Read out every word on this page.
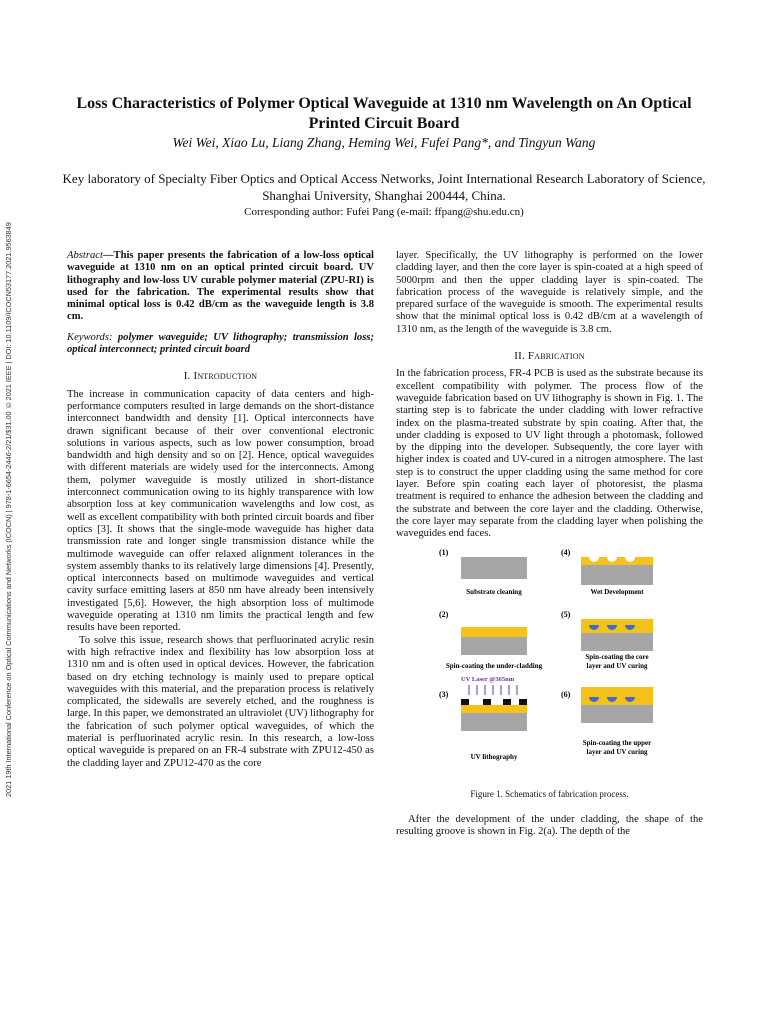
2021 19th International Conference on Optical Communications and Networks (ICOCN) | 978-1-6654-2446-2/21/$31.00 ©2021 IEEE | DOI: 10.1109/ICOCN53177.2021.9563849
Loss Characteristics of Polymer Optical Waveguide at 1310 nm Wavelength on An Optical Printed Circuit Board
Wei Wei, Xiao Lu, Liang Zhang, Heming Wei, Fufei Pang*, and Tingyun Wang
Key laboratory of Specialty Fiber Optics and Optical Access Networks, Joint International Research Laboratory of Science, Shanghai University, Shanghai 200444, China.
Corresponding author: Fufei Pang (e-mail: ffpang@shu.edu.cn)

Abstract—This paper presents the fabrication of a low-loss optical waveguide at 1310 nm on an optical printed circuit board. UV lithography and low-loss UV curable polymer material (ZPU-RI) is used for the fabrication. The experimental results show that minimal optical loss is 0.42 dB/cm as the waveguide length is 3.8 cm.

Keywords: polymer waveguide; UV lithography; transmission loss; optical interconnect; printed circuit board

I. Introduction

The increase in communication capacity of data centers and high-performance computers resulted in large demands on the short-distance interconnect bandwidth and density [1]. Optical interconnects have drawn significant because of their over conventional electronic solutions in various aspects, such as low power consumption, broad bandwidth and high density and so on [2]. Hence, optical waveguides with different materials are widely used for the interconnects. Among them, polymer waveguide is mostly utilized in short-distance interconnect communication owing to its highly transparence with low absorption loss at key communication wavelengths and low cost, as well as excellent compatibility with both printed circuit boards and fiber optics [3]. It shows that the single-mode waveguide has higher data transmission rate and longer single transmission distance while the multimode waveguide can offer relaxed alignment tolerances in the system assembly thanks to its relatively large dimensions [4]. Presently, optical interconnects based on multimode waveguides and vertical cavity surface emitting lasers at 850 nm have already been intensively investigated [5,6]. However, the high absorption loss of multimode waveguide operating at 1310 nm limits the practical length and few results have been reported.

To solve this issue, research shows that perfluorinated acrylic resin with high refractive index and flexibility has low absorption loss at 1310 nm and is often used in optical devices. However, the fabrication based on dry etching technology is mainly used to prepare optical waveguides with this material, and the preparation process is relatively complicated, the sidewalls are severely etched, and the roughness is large. In this paper, we demonstrated an ultraviolet (UV) lithography for the fabrication of such polymer optical waveguides, of which the material is perfluorinated acrylic resin. In this research, a low-loss optical waveguide is prepared on an FR-4 substrate with ZPU12-450 as the cladding layer and ZPU12-470 as the core

layer. Specifically, the UV lithography is performed on the lower cladding layer, and then the core layer is spin-coated at a high speed of 5000rpm and then the upper cladding layer is spin-coated. The fabrication process of the waveguide is relatively simple, and the prepared surface of the waveguide is smooth. The experimental results show that the minimal optical loss is 0.42 dB/cm at a wavelength of 1310 nm, as the length of the waveguide is 3.8 cm.

II. Fabrication

In the fabrication process, FR-4 PCB is used as the substrate because its excellent compatibility with polymer. The process flow of the waveguide fabrication based on UV lithography is shown in Fig. 1. The starting step is to fabricate the under cladding with lower refractive index on the plasma-treated substrate by spin coating. After that, the under cladding is exposed to UV light through a photomask, followed by the dipping into the developer. Subsequently, the core layer with higher index is coated and UV-cured in a nitrogen atmosphere. The last step is to construct the upper cladding using the same method for core layer. Before spin coating each layer of photoresist, the plasma treatment is required to enhance the adhesion between the cladding and the substrate and between the core layer and the cladding. Otherwise, the core layer may separate from the cladding layer when polishing the waveguides end faces.

(1)
Substrate cleaning
(4)
Wet Development
(2)
Spin-coating the under-cladding
(5)
Spin-coating the core
layer and UV curing
(3)
UV Laser @365nm
UV lithography
(6)
Spin-coating the upper
layer and UV curing

Figure 1. Schematics of fabrication process.

After the development of the under cladding, the shape of the resulting groove is shown in Fig. 2(a). The depth of the
